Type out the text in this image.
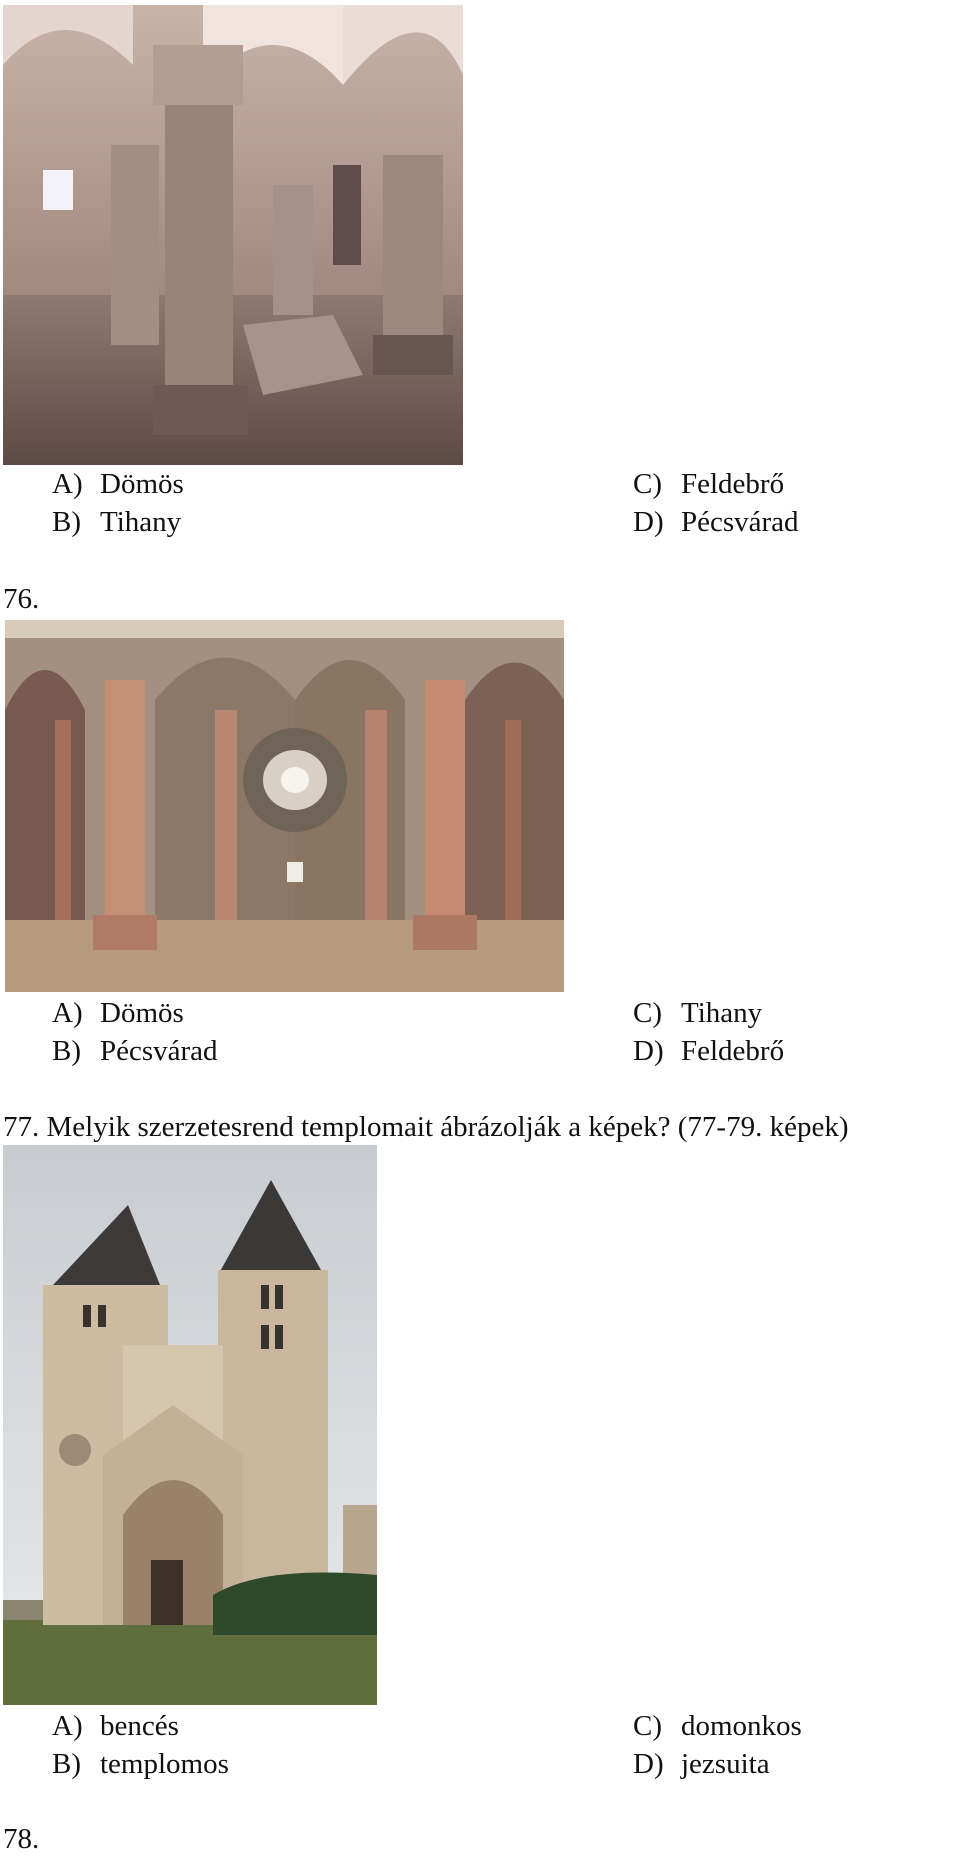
A) Dömös
B) Tihany
C) Feldebrő
D) Pécsvárad
76.
A) Dömös
B) Pécsvárad
C) Tihany
D) Feldebrő
77. Melyik szerzetesrend templomait ábrázolják a képek? (77-79. képek)
A) bencés
B) templomos
C) domonkos
D) jezsuita
78.
